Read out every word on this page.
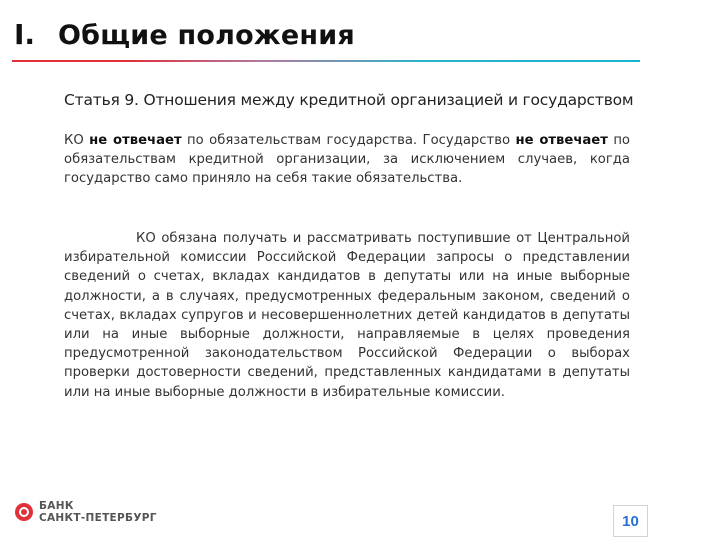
I. Общие положения
Статья 9. Отношения между кредитной организацией и государством
КО не отвечает по обязательствам государства. Государство не отвечает по обязательствам кредитной организации, за исключением случаев, когда государство само приняло на себя такие обязательства.
КО обязана получать и рассматривать поступившие от Центральной избирательной комиссии Российской Федерации запросы о представлении сведений о счетах, вкладах кандидатов в депутаты или на иные выборные должности, а в случаях, предусмотренных федеральным законом, сведений о счетах, вкладах супругов и несовершеннолетних детей кандидатов в депутаты или на иные выборные должности, направляемые в целях проведения предусмотренной законодательством Российской Федерации о выборах проверки достоверности сведений, представленных кандидатами в депутаты или на иные выборные должности в избирательные комиссии.
БАНК
САНКТ-ПЕТЕРБУРГ	10
